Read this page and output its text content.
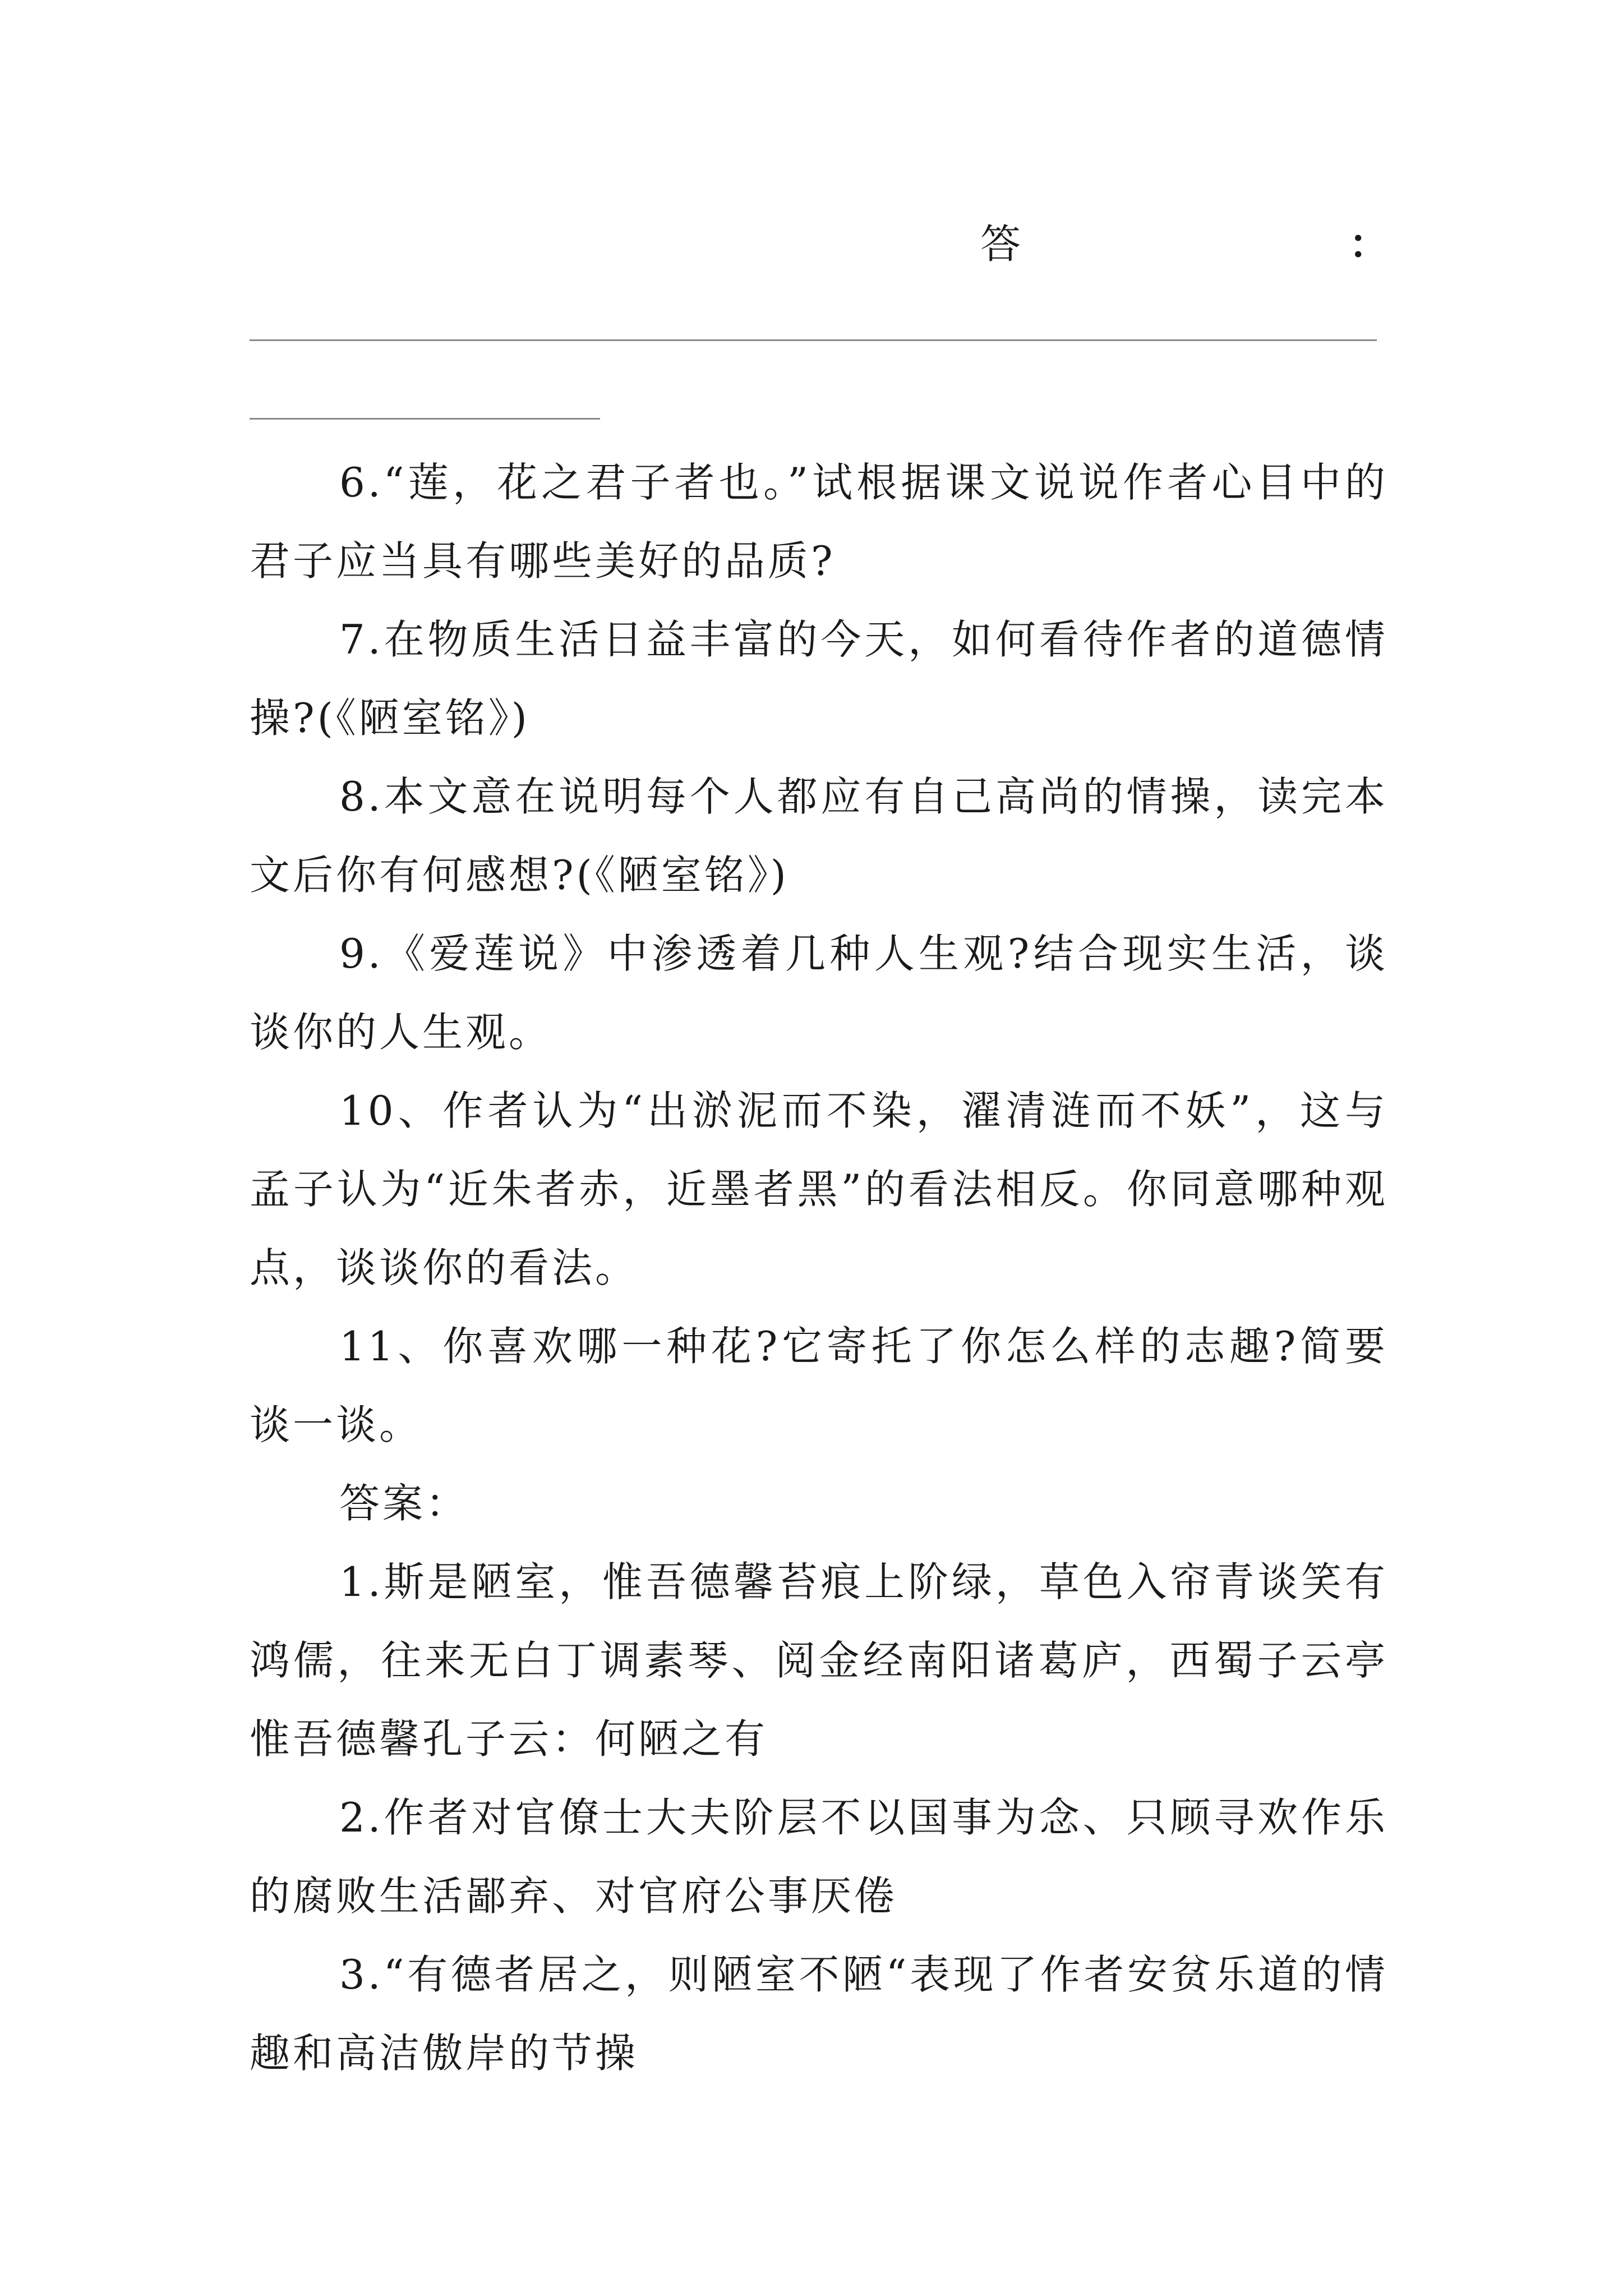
答	：

6.“莲，花之君子者也。”试根据课文说说作者心目中的君子应当具有哪些美好的品质?

7.在物质生活日益丰富的今天，如何看待作者的道德情操?(《陋室铭》)

8.本文意在说明每个人都应有自己高尚的情操，读完本文后你有何感想?(《陋室铭》)

9.《爱莲说》中渗透着几种人生观?结合现实生活，谈谈你的人生观。

10、作者认为“出淤泥而不染，濯清涟而不妖”，这与孟子认为“近朱者赤，近墨者黑”的看法相反。你同意哪种观点，谈谈你的看法。

11、你喜欢哪一种花?它寄托了你怎么样的志趣?简要谈一谈。

答案：

1.斯是陋室，惟吾德馨苔痕上阶绿，草色入帘青谈笑有鸿儒，往来无白丁调素琴、阅金经南阳诸葛庐，西蜀子云亭惟吾德馨孔子云：何陋之有

2.作者对官僚士大夫阶层不以国事为念、只顾寻欢作乐的腐败生活鄙弃、对官府公事厌倦

3.“有德者居之，则陋室不陋“表现了作者安贫乐道的情趣和高洁傲岸的节操
